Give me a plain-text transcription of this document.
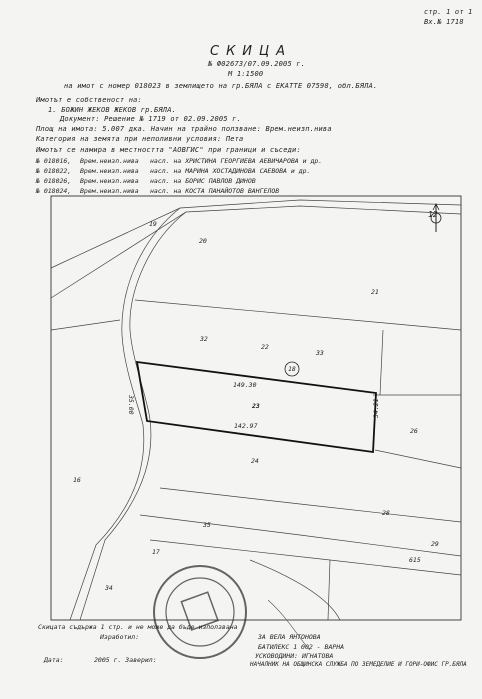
стр. 1 от 1
Вх.№ 1718
СКИЦА
№ Ф02673/07.09.2005 г.
М 1:1500
на имот с номер 018023 в землището на гр.БЯЛА с ЕКАТТЕ 07598, обл.БЯЛА.
Имотът е собственост на:
1. БОЖИН ЖЕКОВ ЖЕКОВ гр.БЯЛА.
Документ: Решение № 1719 от 02.09.2005 г.
Площ на имота: 5.007 дка. Начин на трайно ползване: Врем.неизп.нива
Категория на земята при неполивни условия: Пета
Имотът се намира в местността "АОВГИС" при граници и съседи:
№ 018016, Врем.неизп.нива насл. на ХРИСТИНА ГЕОРГИЕВА АЕВИЧАРОВА и др.
№ 018022, Врем.неизп.нива насл. на МАРИНА ХОСТАДИНОВА САЕВОВА и др.
№ 018026, Врем.неизп.нива насл. на БОРИС ПАВЛОВ ДИНОВ
№ 018024, Врем.неизп.нива насл. на КОСТА ПАНАЙОТОВ ВАНГЕЛОВ
12
19
20
21
32
22
33
18
23
26
24
16
28
35
29
615
17
34
149.30
142.97
35.00	34.21
Скицата съдържа 1 стр. и не може да бъде използвана
Изработил:	ЗА ВЕЛА ЯНТОНОВА
БАТИЛЕКС 1 002 - ВАРНА
УСКОВОДИНИ: ИГНАТОВА
Дата:	2005 г. Заверил:
НАЧАЛНИК НА ОБЩИНСКА СЛУЖБА ПО ЗЕМЕДЕЛИЕ И ГОРИ-ОФИС ГР.БЯЛА
